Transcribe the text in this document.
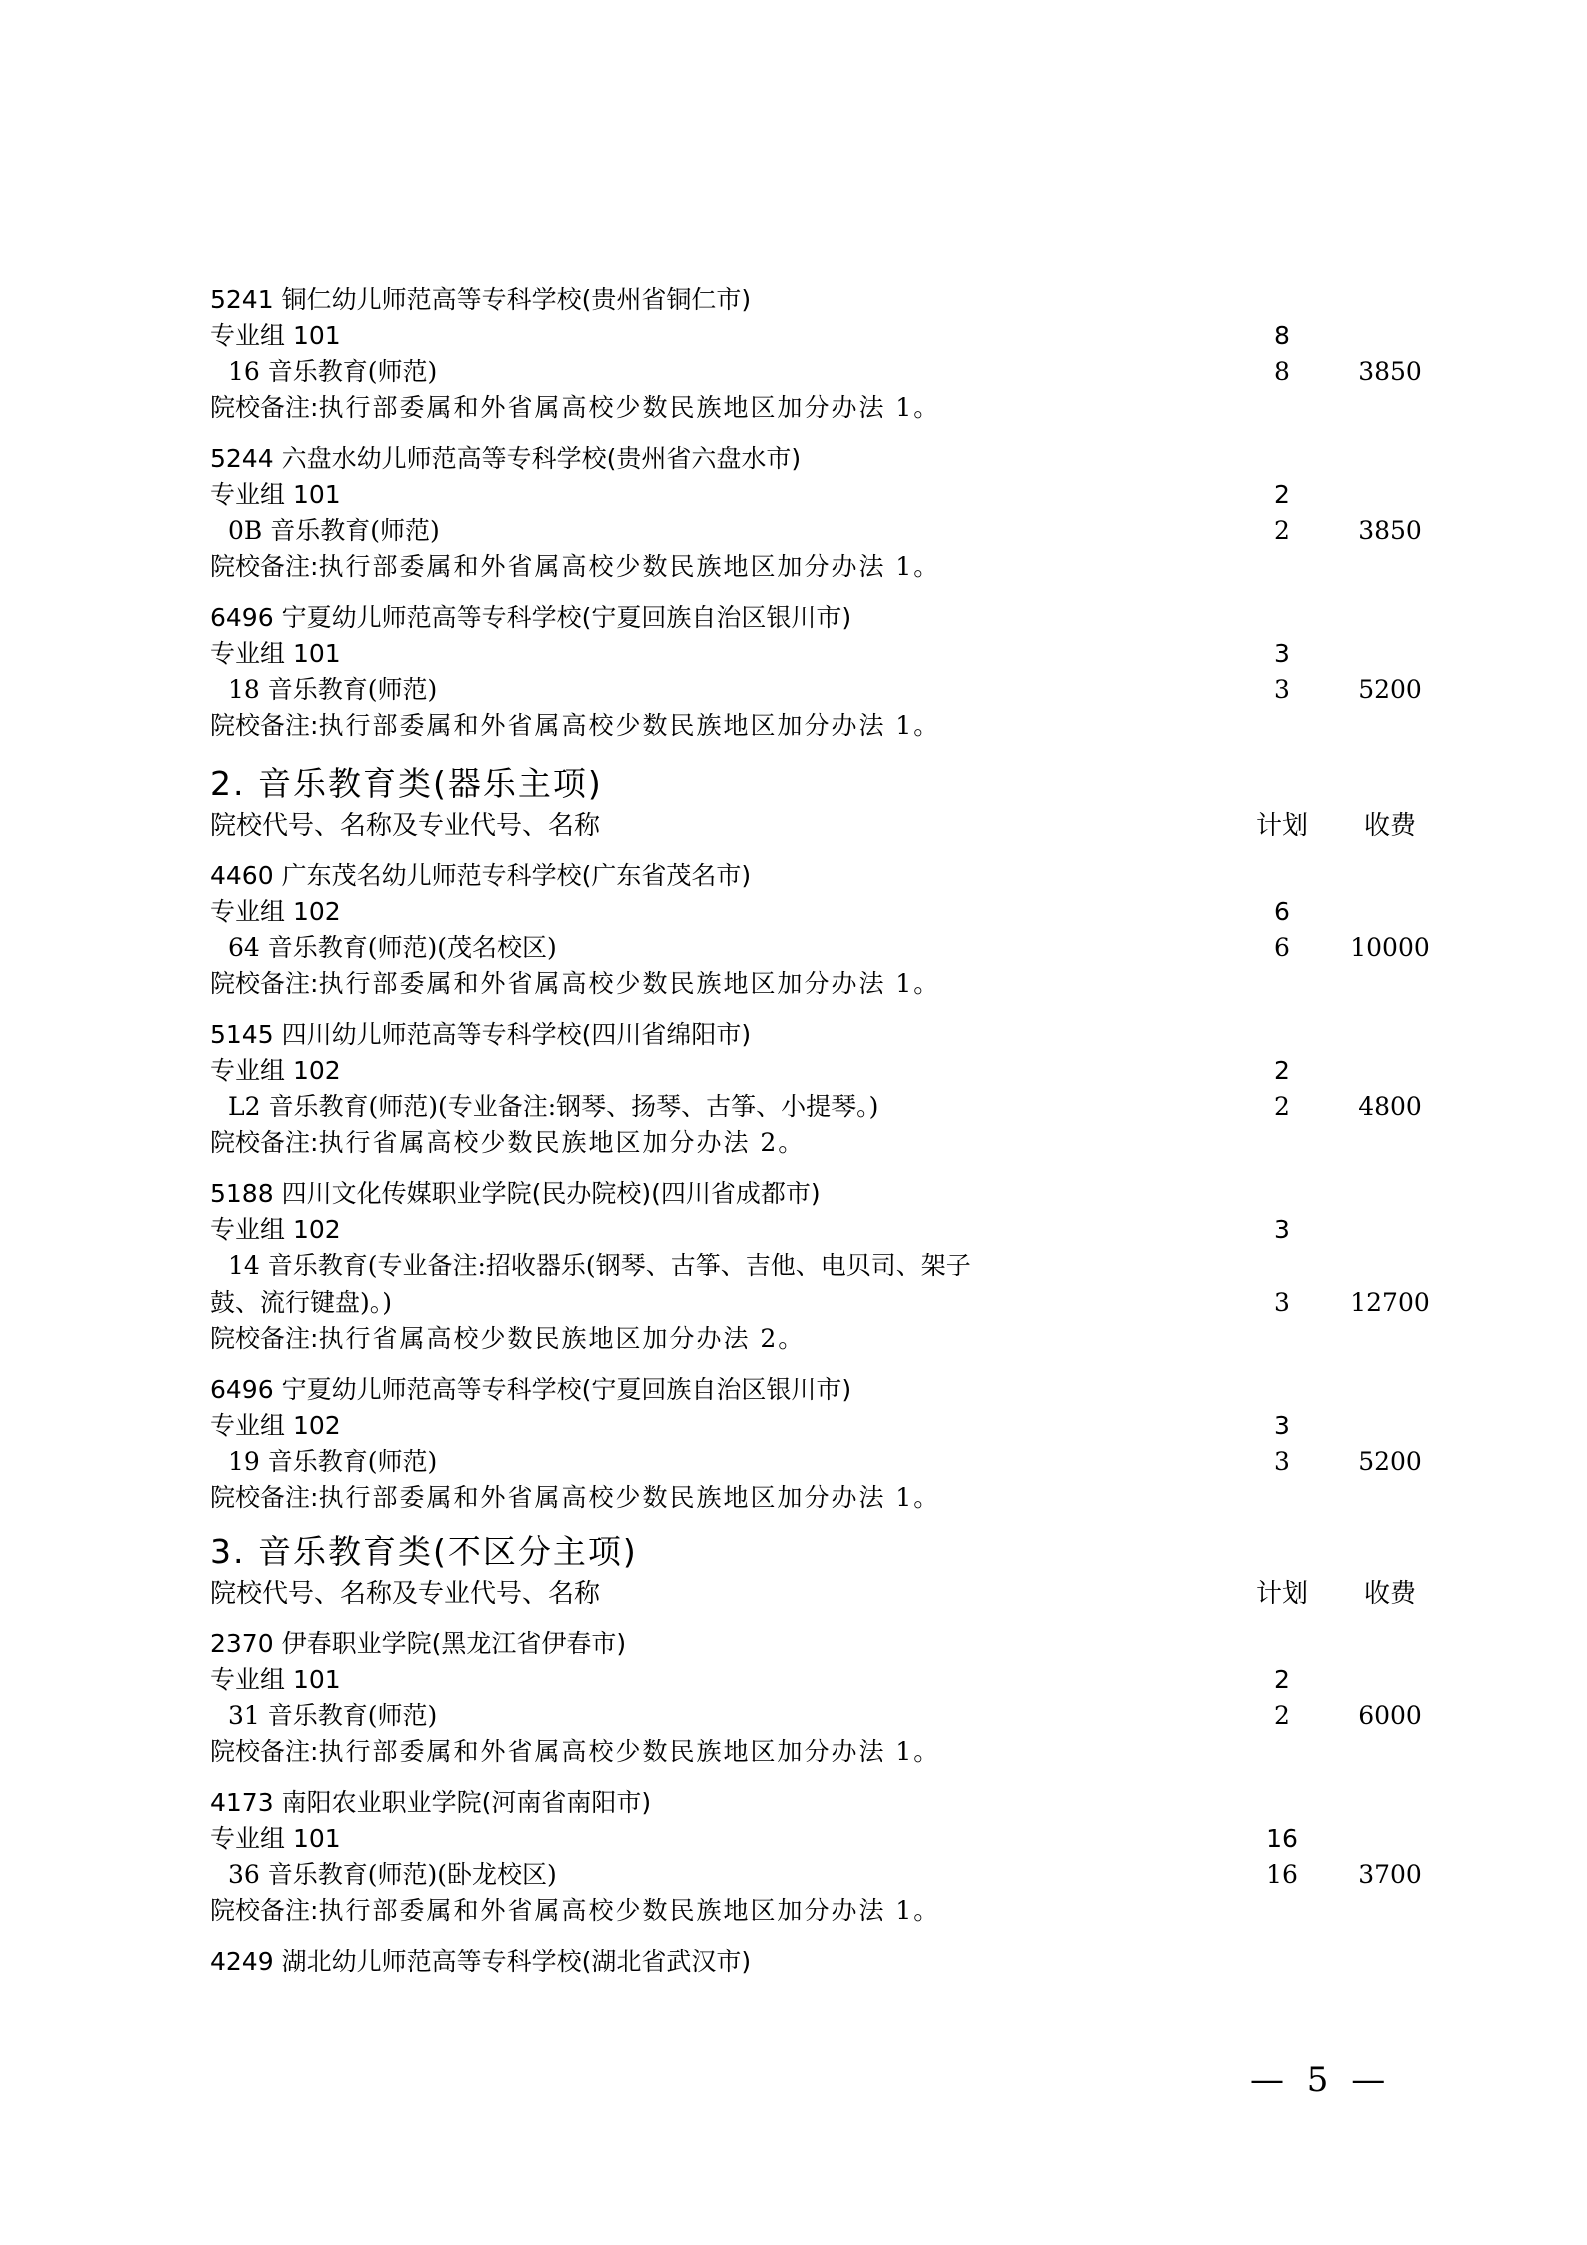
5241 铜仁幼儿师范高等专科学校(贵州省铜仁市)
专业组 101	8
16 音乐教育(师范)	8	3850
院校备注:执行部委属和外省属高校少数民族地区加分办法 1。
5244 六盘水幼儿师范高等专科学校(贵州省六盘水市)
专业组 101	2
0B 音乐教育(师范)	2	3850
院校备注:执行部委属和外省属高校少数民族地区加分办法 1。
6496 宁夏幼儿师范高等专科学校(宁夏回族自治区银川市)
专业组 101	3
18 音乐教育(师范)	3	5200
院校备注:执行部委属和外省属高校少数民族地区加分办法 1。
2. 音乐教育类(器乐主项)
院校代号、名称及专业代号、名称	计划	收费
4460 广东茂名幼儿师范专科学校(广东省茂名市)
专业组 102	6
64 音乐教育(师范)(茂名校区)	6	10000
院校备注:执行部委属和外省属高校少数民族地区加分办法 1。
5145 四川幼儿师范高等专科学校(四川省绵阳市)
专业组 102	2
L2 音乐教育(师范)(专业备注:钢琴、扬琴、古筝、小提琴。)	2	4800
院校备注:执行省属高校少数民族地区加分办法 2。
5188 四川文化传媒职业学院(民办院校)(四川省成都市)
专业组 102	3
14 音乐教育(专业备注:招收器乐(钢琴、古筝、吉他、电贝司、架子
鼓、流行键盘)。)	3	12700
院校备注:执行省属高校少数民族地区加分办法 2。
6496 宁夏幼儿师范高等专科学校(宁夏回族自治区银川市)
专业组 102	3
19 音乐教育(师范)	3	5200
院校备注:执行部委属和外省属高校少数民族地区加分办法 1。
3. 音乐教育类(不区分主项)
院校代号、名称及专业代号、名称	计划	收费
2370 伊春职业学院(黑龙江省伊春市)
专业组 101	2
31 音乐教育(师范)	2	6000
院校备注:执行部委属和外省属高校少数民族地区加分办法 1。
4173 南阳农业职业学院(河南省南阳市)
专业组 101	16
36 音乐教育(师范)(卧龙校区)	16	3700
院校备注:执行部委属和外省属高校少数民族地区加分办法 1。
4249 湖北幼儿师范高等专科学校(湖北省武汉市)
— 5 —
